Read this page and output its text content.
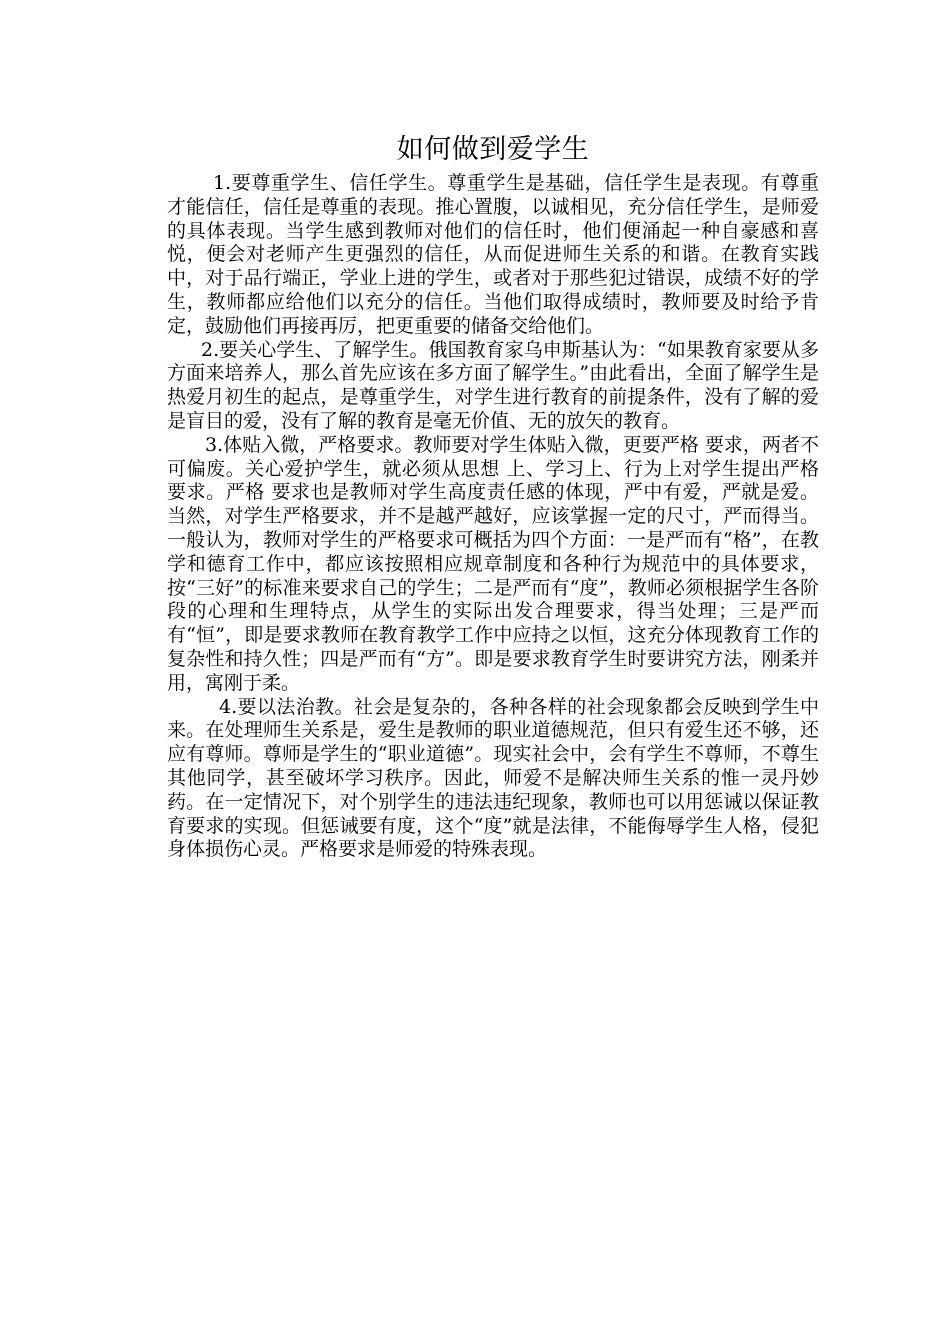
如何做到爱学生

1.要尊重学生、信任学生。尊重学生是基础，信任学生是表现。有尊重才能信任，信任是尊重的表现。推心置腹，以诚相见，充分信任学生，是师爱的具体表现。当学生感到教师对他们的信任时，他们便涌起一种自豪感和喜悦，便会对老师产生更强烈的信任，从而促进师生关系的和谐。在教育实践中，对于品行端正，学业上进的学生，或者对于那些犯过错误，成绩不好的学生，教师都应给他们以充分的信任。当他们取得成绩时，教师要及时给予肯定，鼓励他们再接再厉，把更重要的储备交给他们。

2.要关心学生、了解学生。俄国教育家乌申斯基认为：“如果教育家要从多方面来培养人，那么首先应该在多方面了解学生。”由此看出，全面了解学生是热爱月初生的起点，是尊重学生，对学生进行教育的前提条件，没有了解的爱是盲目的爱，没有了解的教育是毫无价值、无的放矢的教育。

3.体贴入微，严格要求。教师要对学生体贴入微，更要严格 要求，两者不可偏废。关心爱护学生，就必须从思想 上、学习上、行为上对学生提出严格要求。严格 要求也是教师对学生高度责任感的体现，严中有爱，严就是爱。当然，对学生严格要求，并不是越严越好，应该掌握一定的尺寸，严而得当。一般认为，教师对学生的严格要求可概括为四个方面：一是严而有“格”，在教学和德育工作中，都应该按照相应规章制度和各种行为规范中的具体要求，按“三好”的标准来要求自己的学生；二是严而有“度”，教师必须根据学生各阶段的心理和生理特点，从学生的实际出发合理要求，得当处理；三是严而有“恒”，即是要求教师在教育教学工作中应持之以恒，这充分体现教育工作的复杂性和持久性；四是严而有“方”。即是要求教育学生时要讲究方法，刚柔并用，寓刚于柔。

4.要以法治教。社会是复杂的，各种各样的社会现象都会反映到学生中来。在处理师生关系是，爱生是教师的职业道德规范，但只有爱生还不够，还应有尊师。尊师是学生的“职业道德”。现实社会中，会有学生不尊师，不尊生其他同学，甚至破坏学习秩序。因此，师爱不是解决师生关系的惟一灵丹妙药。在一定情况下，对个别学生的违法违纪现象，教师也可以用惩诫以保证教育要求的实现。但惩诫要有度，这个“度”就是法律，不能侮辱学生人格，侵犯身体损伤心灵。严格要求是师爱的特殊表现。
